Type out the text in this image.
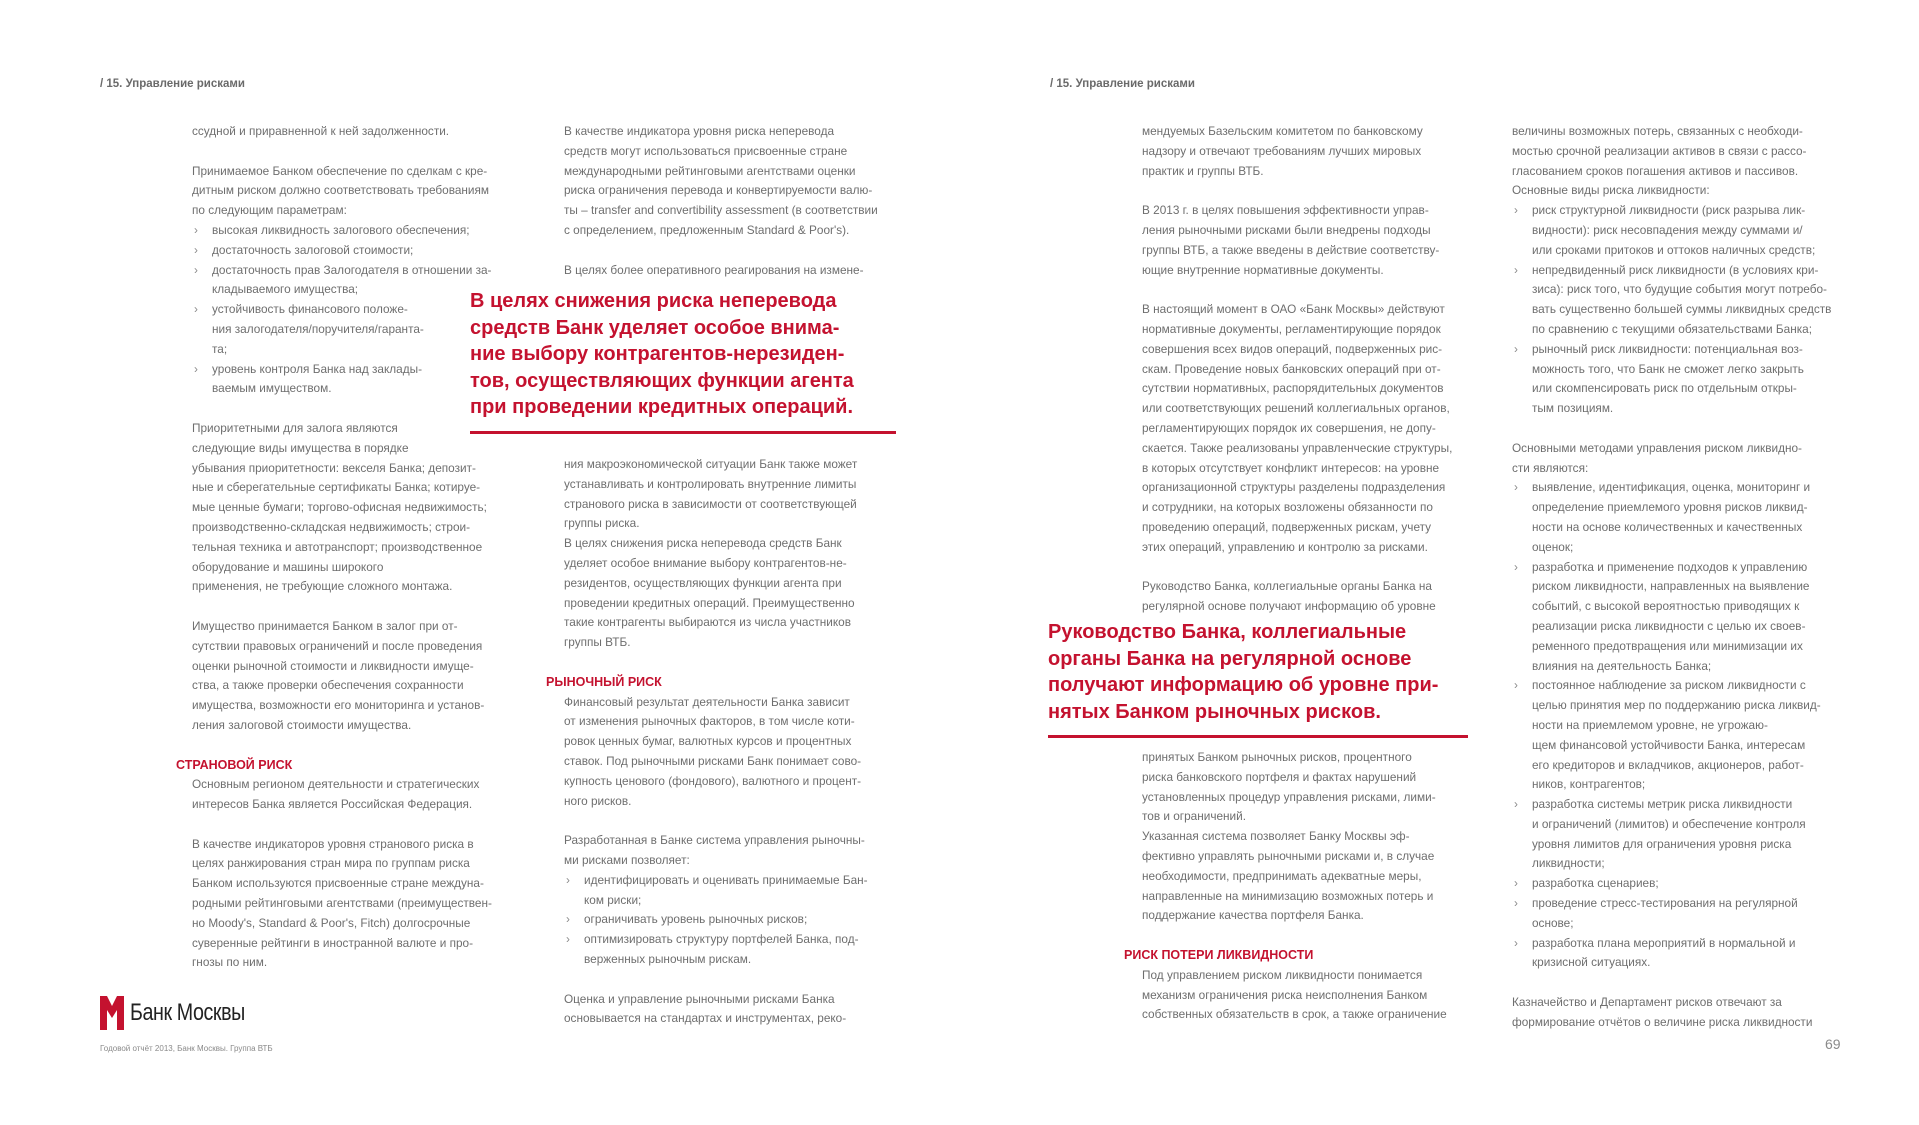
/ 15. Управление рисками	/ 15. Управление рисками

ссудной и приравненной к ней задолженности.

Принимаемое Банком обеспечение по сделкам с кре-

дитным риском должно соответствовать требованиям

по следующим параметрам:

› высокая ликвидность залогового обеспечения;

› достаточность залоговой стоимости;

› достаточность прав Залогодателя в отношении за-

кладываемого имущества;

› устойчивость финансового положе-

ния залогодателя/поручителя/гаранта-

та;

› уровень контроля Банка над заклады-

ваемым имуществом.

Приоритетными для залога являются

следующие виды имущества в порядке

убывания приоритетности: векселя Банка; депозит-

ные и сберегательные сертификаты Банка; котируе-

мые ценные бумаги; торгово-офисная недвижимость;

производственно-складская недвижимость; строи-

тельная техника и автотранспорт; производственное

оборудование и машины широкого

применения, не требующие сложного монтажа.

Имущество принимается Банком в залог при от-

сутствии правовых ограничений и после проведения

оценки рыночной стоимости и ликвидности имуще-

ства, а также проверки обеспечения сохранности

имущества, возможности его мониторинга и установ-

ления залоговой стоимости имущества.

СТРАНОВОЙ РИСК

Основным регионом деятельности и стратегических

интересов Банка является Российская Федерация.

В качестве индикаторов уровня странового риска в

целях ранжирования стран мира по группам риска

Банком используются присвоенные стране междуна-

родными рейтинговыми агентствами (преимуществен-

но Moody's, Standard & Poor's, Fitch) долгосрочные

суверенные рейтинги в иностранной валюте и про-

гнозы по ним.

В качестве индикатора уровня риска неперевода

средств могут использоваться присвоенные стране

международными рейтинговыми агентствами оценки

риска ограничения перевода и конвертируемости валю-

ты – transfer and convertibility assessment (в соответствии

с определением, предложенным Standard & Poor's).

В целях более оперативного реагирования на измене-

В целях снижения риска неперевода

средств Банк уделяет особое внима-

ние выбору контрагентов-нерезиден-

тов, осуществляющих функции агента

при проведении кредитных операций.

ния макроэкономической ситуации Банк также может

устанавливать и контролировать внутренние лимиты

странового риска в зависимости от соответствующей

группы риска.

В целях снижения риска неперевода средств Банк

уделяет особое внимание выбору контрагентов-не-

резидентов, осуществляющих функции агента при

проведении кредитных операций. Преимущественно

такие контрагенты выбираются из числа участников

группы ВТБ.

РЫНОЧНЫЙ РИСК

Финансовый результат деятельности Банка зависит

от изменения рыночных факторов, в том числе коти-

ровок ценных бумаг, валютных курсов и процентных

ставок. Под рыночными рисками Банк понимает сово-

купность ценового (фондового), валютного и процент-

ного рисков.

Разработанная в Банке система управления рыночны-

ми рисками позволяет:

› идентифицировать и оценивать принимаемые Бан-

ком риски;

› ограничивать уровень рыночных рисков;

› оптимизировать структуру портфелей Банка, под-

верженных рыночным рискам.

Оценка и управление рыночными рисками Банка

основывается на стандартах и инструментах, реко-

мендуемых Базельским комитетом по банковскому

надзору и отвечают требованиям лучших мировых

практик и группы ВТБ.

В 2013 г. в целях повышения эффективности управ-

ления рыночными рисками были внедрены подходы

группы ВТБ, а также введены в действие соответству-

ющие внутренние нормативные документы.

В настоящий момент в ОАО «Банк Москвы» действуют

нормативные документы, регламентирующие порядок

совершения всех видов операций, подверженных рис-

скам. Проведение новых банковских операций при от-

сутствии нормативных, распорядительных документов

или соответствующих решений коллегиальных органов,

регламентирующих порядок их совершения, не допу-

скается. Также реализованы управленческие структуры,

в которых отсутствует конфликт интересов: на уровне

организационной структуры разделены подразделения

и сотрудники, на которых возложены обязанности по

проведению операций, подверженных рискам, учету

этих операций, управлению и контролю за рисками.

Руководство Банка, коллегиальные органы Банка на

регулярной основе получают информацию об уровне

Руководство Банка, коллегиальные

органы Банка на регулярной основе

получают информацию об уровне при-

нятых Банком рыночных рисков.

принятых Банком рыночных рисков, процентного

риска банковского портфеля и фактах нарушений

установленных процедур управления рисками, лими-

тов и ограничений.

Указанная система позволяет Банку Москвы эф-

фективно управлять рыночными рисками и, в случае

необходимости, предпринимать адекватные меры,

направленные на минимизацию возможных потерь и

поддержание качества портфеля Банка.

РИСК ПОТЕРИ ЛИКВИДНОСТИ

Под управлением риском ликвидности понимается

механизм ограничения риска неисполнения Банком

собственных обязательств в срок, а также ограничение

величины возможных потерь, связанных с необходи-

мостью срочной реализации активов в связи с рассо-

гласованием сроков погашения активов и пассивов.

Основные виды риска ликвидности:

› риск структурной ликвидности (риск разрыва лик-

видности): риск несовпадения между суммами и/

или сроками притоков и оттоков наличных средств;

› непредвиденный риск ликвидности (в условиях кри-

зиса): риск того, что будущие события могут потребо-

вать существенно большей суммы ликвидных средств

по сравнению с текущими обязательствами Банка;

› рыночный риск ликвидности: потенциальная воз-

можность того, что Банк не сможет легко закрыть

или скомпенсировать риск по отдельным откры-

тым позициям.

Основными методами управления риском ликвидно-

сти являются:

› выявление, идентификация, оценка, мониторинг и

определение приемлемого уровня рисков ликвид-

ности на основе количественных и качественных

оценок;

› разработка и применение подходов к управлению

риском ликвидности, направленных на выявление

событий, с высокой вероятностью приводящих к

реализации риска ликвидности с целью их своев-

ременного предотвращения или минимизации их

влияния на деятельность Банка;

› постоянное наблюдение за риском ликвидности с

целью принятия мер по поддержанию риска ликвид-

ности на приемлемом уровне, не угрожаю-

щем финансовой устойчивости Банка, интересам

его кредиторов и вкладчиков, акционеров, работ-

ников, контрагентов;

› разработка системы метрик риска ликвидности

и ограничений (лимитов) и обеспечение контроля

уровня лимитов для ограничения уровня риска

ликвидности;

› разработка сценариев;

› проведение стресс-тестирования на регулярной

основе;

› разработка плана мероприятий в нормальной и

кризисной ситуациях.

Казначейство и Департамент рисков отвечают за

формирование отчётов о величине риска ликвидности

Банк Москвы

Годовой отчёт 2013, Банк Москвы. Группа ВТБ	69
